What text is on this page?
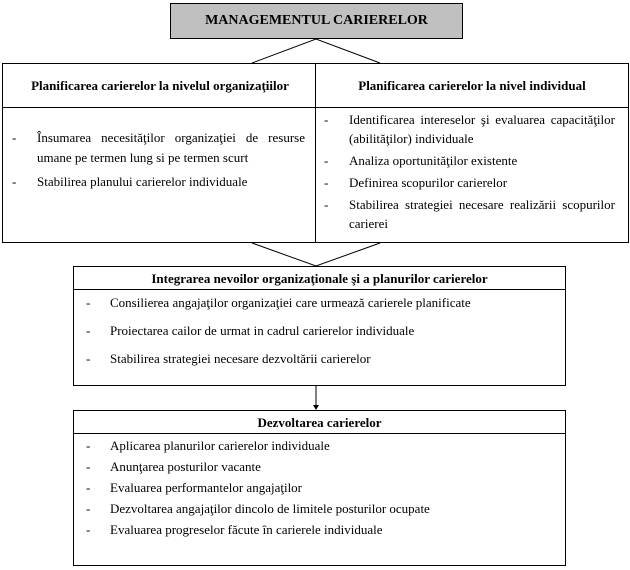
MANAGEMENTUL CARIERELOR
Planificarea carierelor la nivelul organizaţiilor	Planificarea carierelor la nivel individual
- Însumarea necesităţilor organizaţiei de resurse umane pe termen lung si pe termen scurt
- Stabilirea planului carierelor individuale
- Identificarea intereselor şi evaluarea capacităţilor (abilităţilor) individuale
- Analiza oportunităţilor existente
- Definirea scopurilor carierelor
- Stabilirea strategiei necesare realizării scopurilor carierei
Integrarea nevoilor organizaţionale şi a planurilor carierelor
- Consilierea angajaţilor organizaţiei care urmează carierele planificate
- Proiectarea cailor de urmat in cadrul carierelor individuale
- Stabilirea strategiei necesare dezvoltării carierelor
Dezvoltarea carierelor
- Aplicarea planurilor carierelor individuale
- Anunţarea posturilor vacante
- Evaluarea performantelor angajaţilor
- Dezvoltarea angajaţilor dincolo de limitele posturilor ocupate
- Evaluarea progreselor făcute în carierele individuale
